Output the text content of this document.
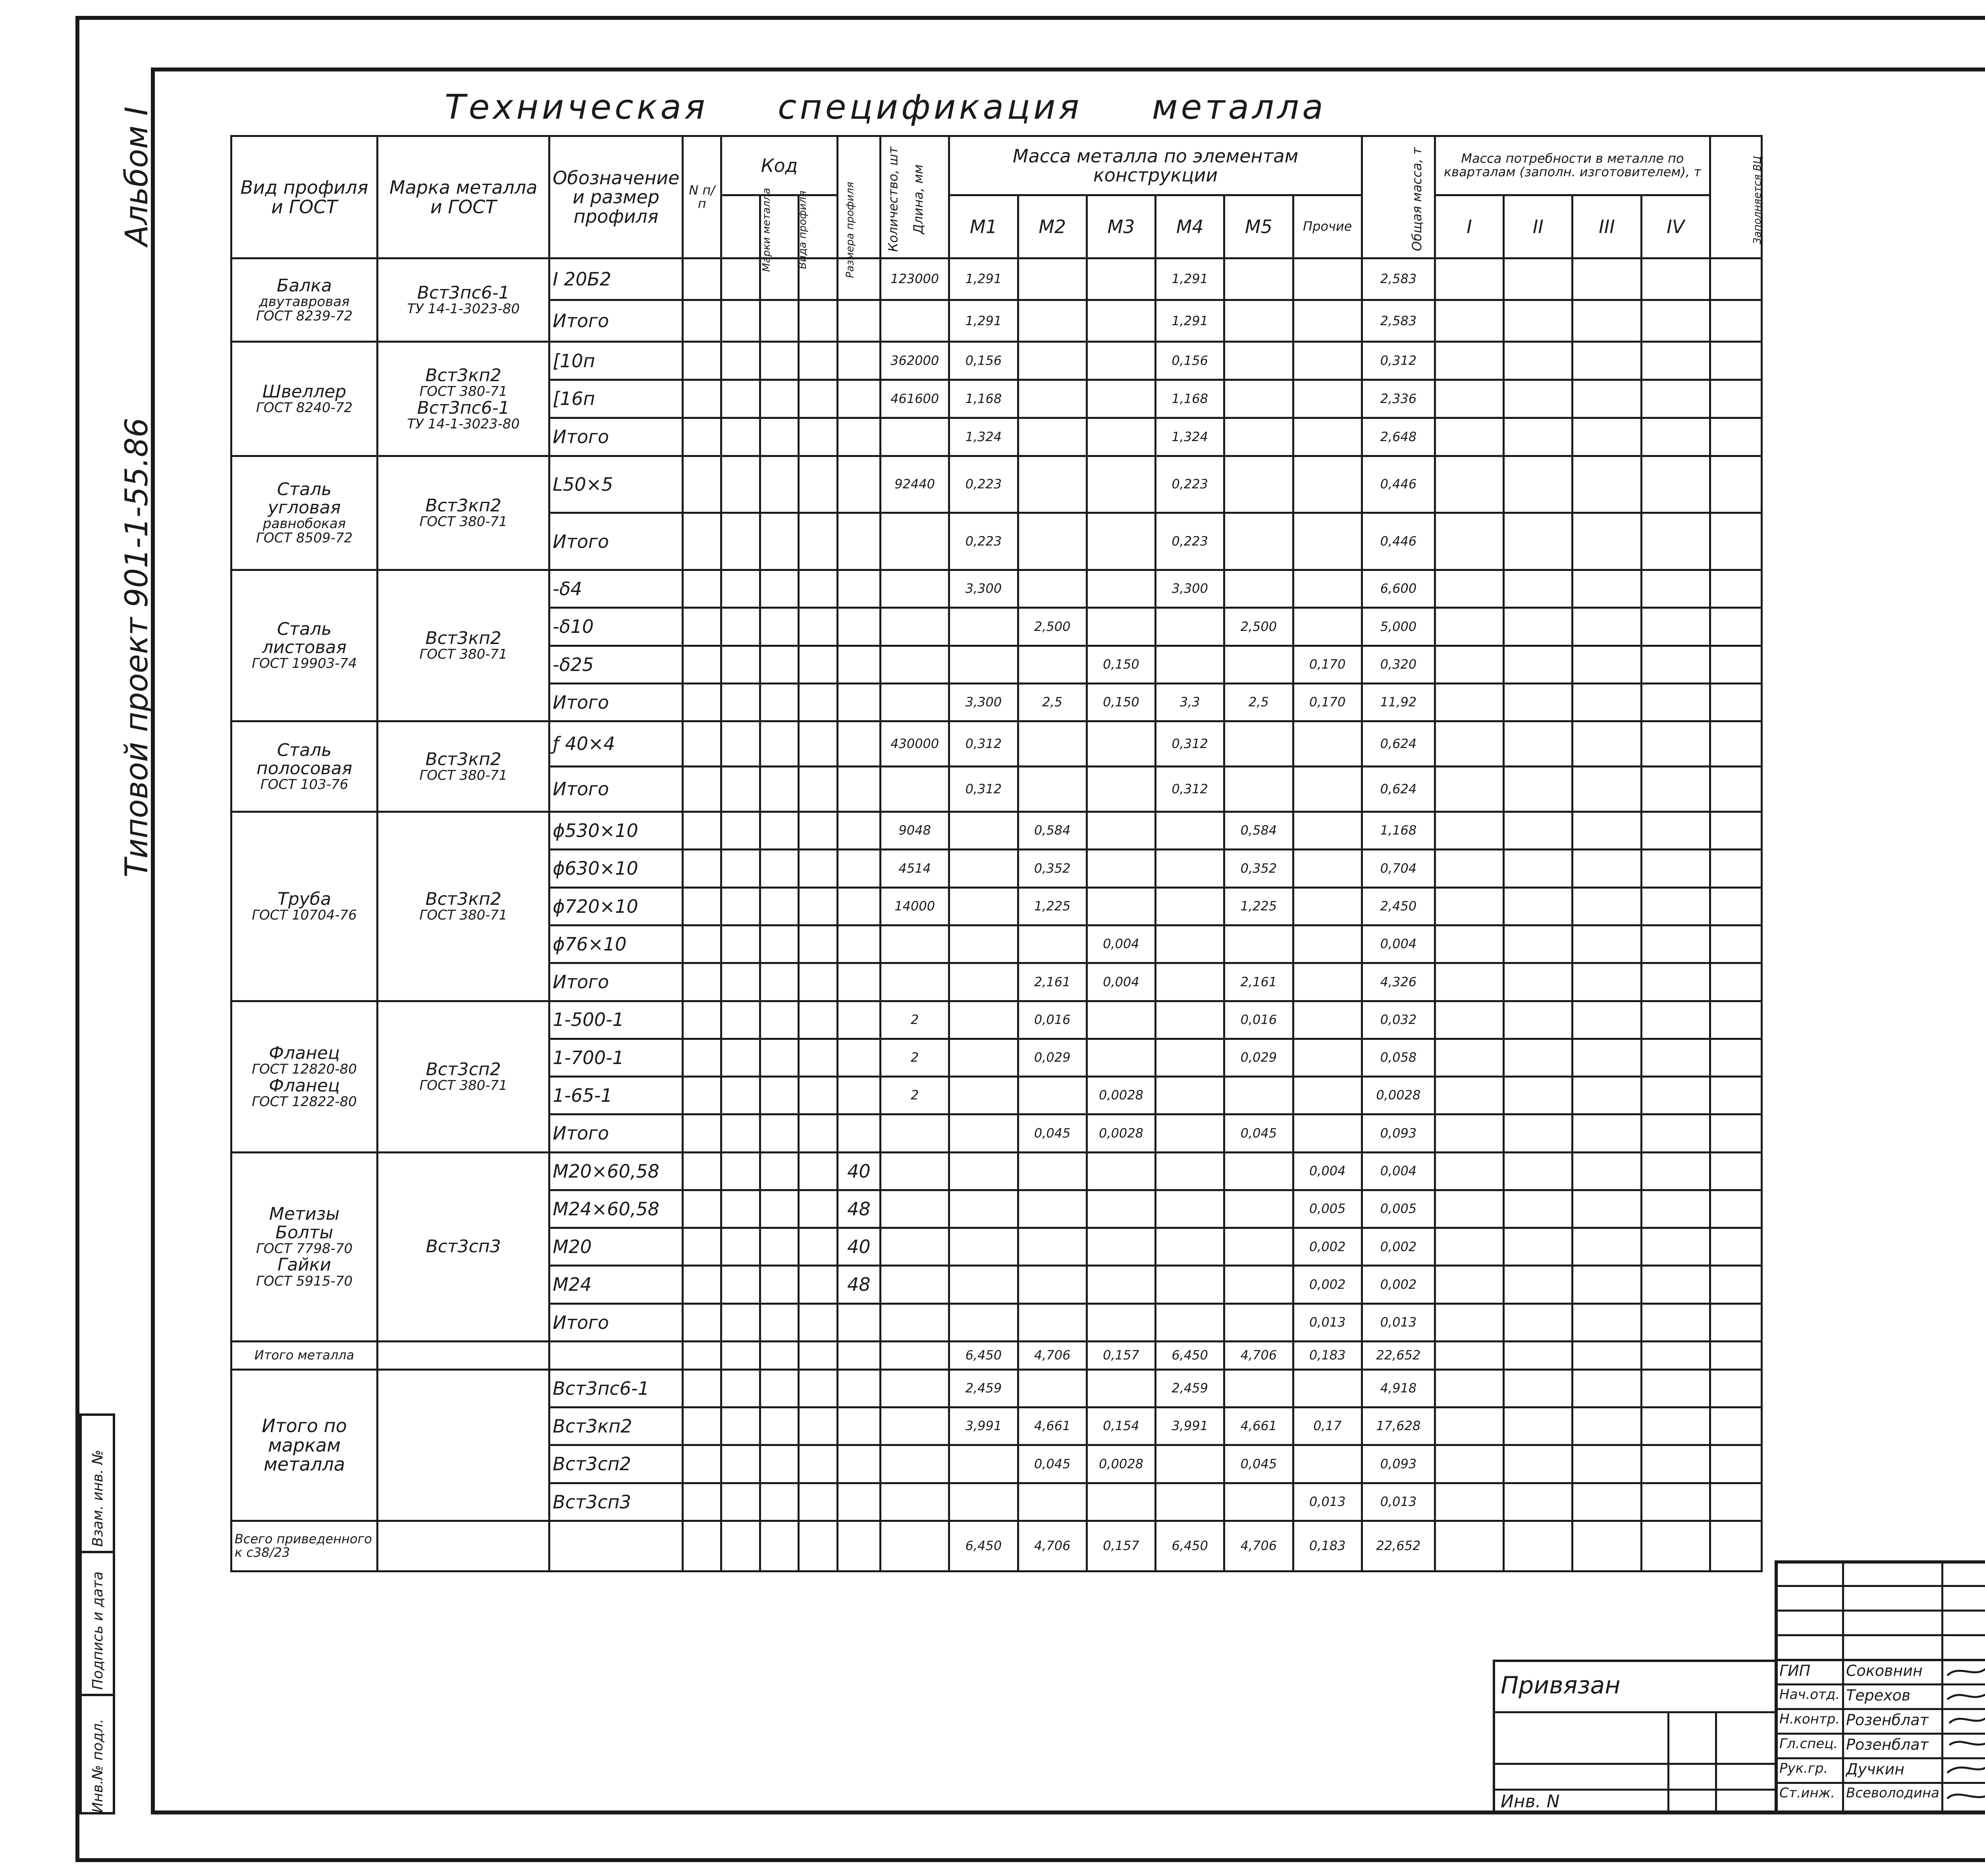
Альбом I
Типовой проект 901-1-55.86
Взам. инв. №
Подпись и дата
Инв.№ подл.
Техническая спецификация металла
Вид профиля и ГОСТ	Марка металла и ГОСТ	Обозначение и размер профиля	N п/п	Код			Количество, шт	Длина, мм	Масса металла по элементам конструкции						Общая масса, т	Масса потребности в металле по кварталам (заполн. изготовителем), т				Заполняется ВЦ
				Марки металла	Вида профиля	Размера профиля			М1	М2	М3	М4	М5	Прочие		I	II	III	IV	

Балка
двутавровая
ГОСТ 8239-72	Вст3пс6-1
ТУ 14-1-3023-80	I 20Б2						123000	1,291			1,291			2,583					
		Итого							1,291			1,291			2,583					

Швеллер
ГОСТ 8240-72	Вст3кп2
ГОСТ 380-71
Вст3пс6-1
ТУ 14-1-3023-80	[10п						362000	0,156			0,156			0,312					
		[16п						461600	1,168			1,168			2,336					
		Итого							1,324			1,324			2,648					

Сталь
угловая
равнобокая
ГОСТ 8509-72	Вст3кп2
ГОСТ 380-71	L50×5						92440	0,223			0,223			0,446					
		Итого							0,223			0,223			0,446					

Сталь
листовая
ГОСТ 19903-74	Вст3кп2
ГОСТ 380-71	-δ4							3,300			3,300			6,600					
		-δ10								2,500			2,500		5,000					
		-δ25									0,150			0,170	0,320					
		Итого							3,300	2,5	0,150	3,3	2,5	0,170	11,92					

Сталь
полосовая
ГОСТ 103-76	Вст3кп2
ГОСТ 380-71	ƒ 40×4						430000	0,312			0,312			0,624					
		Итого							0,312			0,312			0,624					

Труба
ГОСТ 10704-76	Вст3кп2
ГОСТ 380-71	ϕ530×10						9048		0,584			0,584		1,168					
		ϕ630×10						4514		0,352			0,352		0,704					
		ϕ720×10						14000		1,225			1,225		2,450					
		ϕ76×10									0,004				0,004					
		Итого								2,161	0,004		2,161		4,326					

Фланец
ГОСТ 12820-80
Фланец
ГОСТ 12822-80	Вст3сп2
ГОСТ 380-71	1-500-1						2		0,016			0,016		0,032					
		1-700-1						2		0,029			0,029		0,058					
		1-65-1						2			0,0028				0,0028					
		Итого								0,045	0,0028		0,045		0,093					

Метизы
Болты
ГОСТ 7798-70
Гайки
ГОСТ 5915-70	Вст3сп3	М20×60,58					40							0,004	0,004					
		М24×60,58					48							0,005	0,005					
		М20					40							0,002	0,002					
		М24					48							0,002	0,002					
		Итого												0,013	0,013					
Итого металла									6,450	4,706	0,157	6,450	4,706	0,183	22,652					
Итого по маркам металла		Вст3пс6-1							2,459			2,459			4,918					
		Вст3кп2							3,991	4,661	0,154	3,991	4,661	0,17	17,628					
		Вст3сп2								0,045	0,0028		0,045		0,093					
		Вст3сп3												0,013	0,013					
Всего приведенного к с38/23									6,450	4,706	0,157	6,450	4,706	0,183	22,652					
Привязан
Инв. N
ГИП Соковнин
Нач.отд. Терехов
Н.контр. Розенблат
Гл.спец. Розенблат
Рук.гр. Дучкин
Ст.инж. Всеволодина
